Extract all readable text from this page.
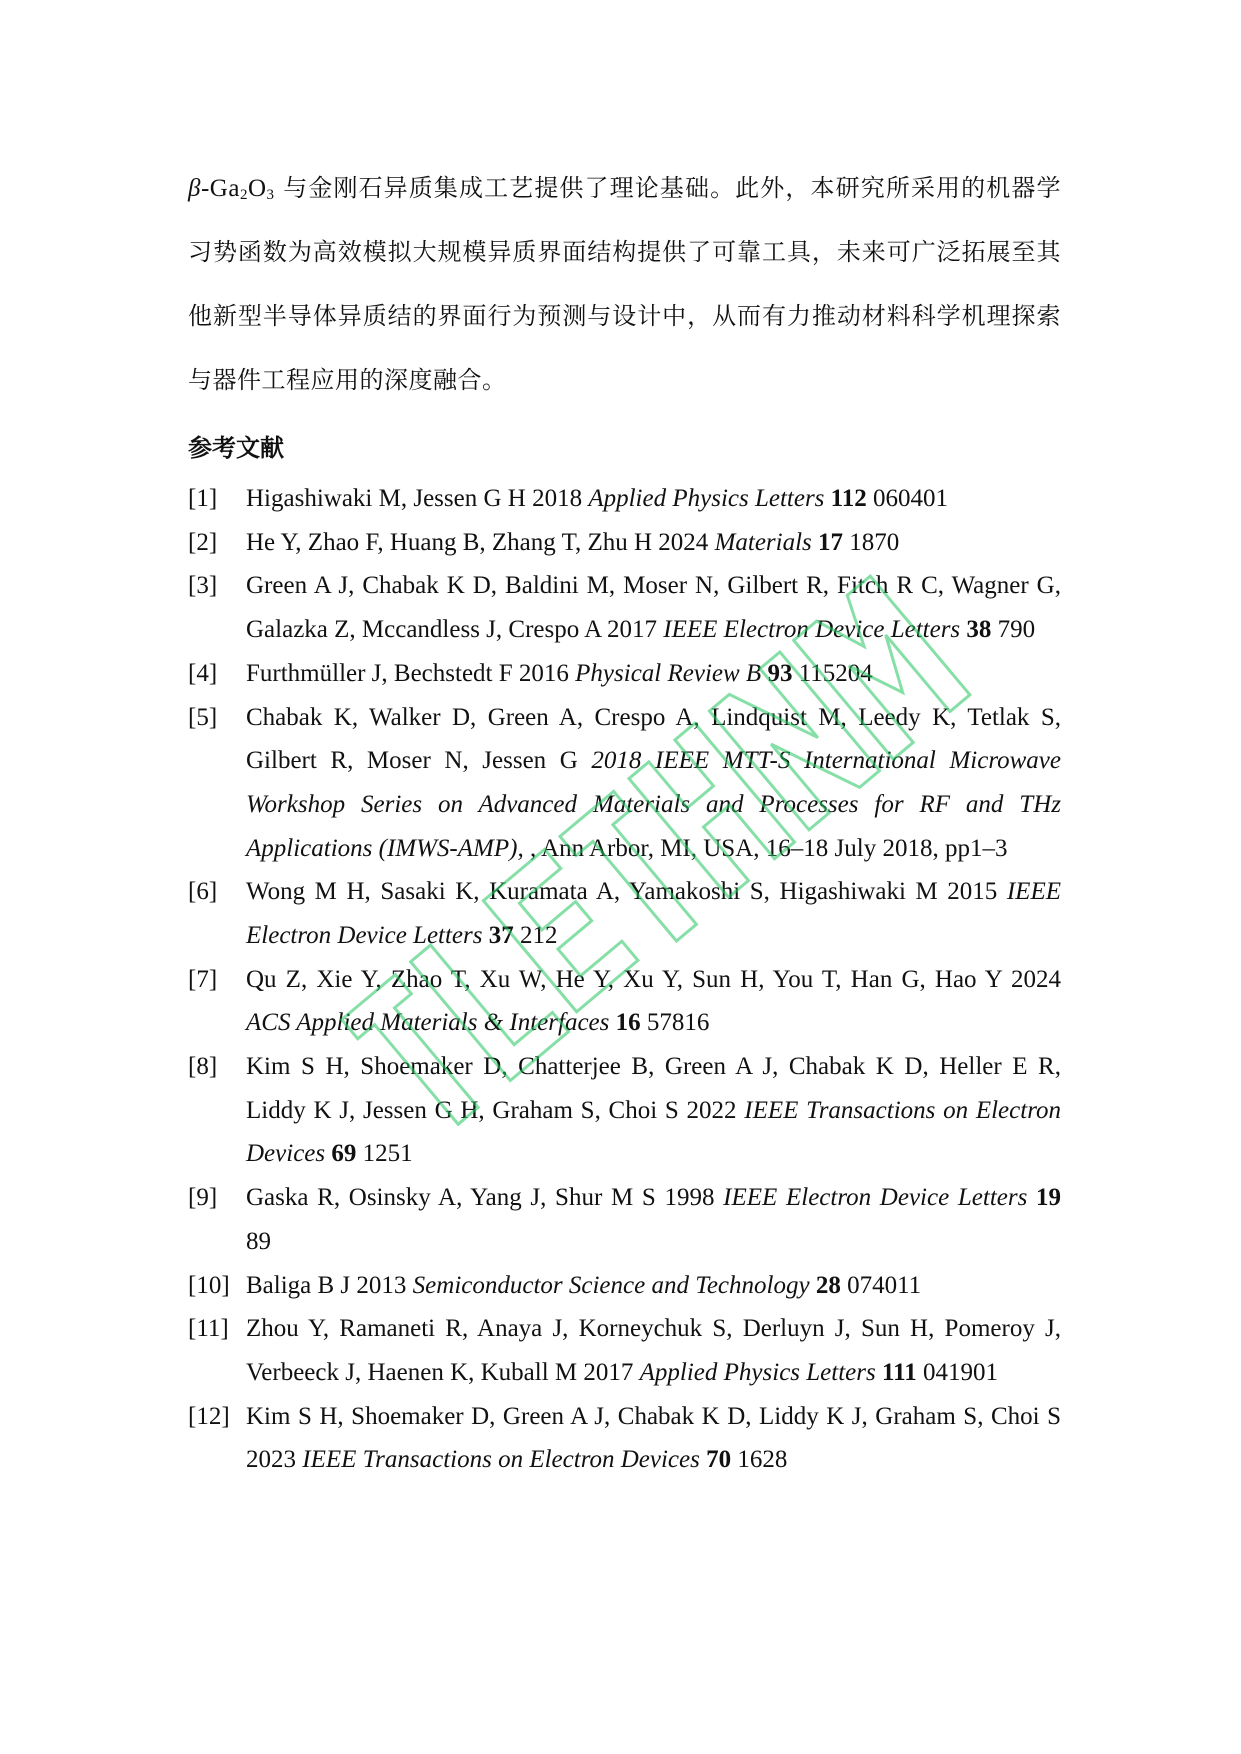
$\beta-Ga_2O_3$ 与金刚石异质集成工艺提供了理论基础。此外，本研究所采用的机器学
习势函数为高效模拟大规模异质界面结构提供了可靠工具，未来可广泛拓展至其
他新型半导体异质结的界面行为预测与设计中，从而有力推动材料科学机理探索
与器件工程应用的深度融合。
参考文献
[1] Higashiwaki M, Jessen G H 2018 Applied Physics Letters 112 060401
[2] He Y, Zhao F, Huang B, Zhang T, Zhu H 2024 Materials 17 1870
[3] Green A J, Chabak K D, Baldini M, Moser N, Gilbert R, Fitch R C, Wagner G,
Galazka Z, Mccandless J, Crespo A 2017 IEEE Electron Device Letters 38 790
[4] Furthmüller J, Bechstedt F 2016 Physical Review B 93 115204
[5] Chabak K, Walker D, Green A, Crespo A, Lindquist M, Leedy K, Tetlak S,
Gilbert R, Moser N, Jessen G 2018 IEEE MTT-S International Microwave
Workshop Series on Advanced Materials and Processes for RF and THz
Applications (IMWS-AMP), , Ann Arbor, MI, USA, 16–18 July 2018, pp1–3
[6] Wong M H, Sasaki K, Kuramata A, Yamakoshi S, Higashiwaki M 2015 IEEE
Electron Device Letters 37 212
[7] Qu Z, Xie Y, Zhao T, Xu W, He Y, Xu Y, Sun H, You T, Han G, Hao Y 2024
ACS Applied Materials & Interfaces 16 57816
[8] Kim S H, Shoemaker D, Chatterjee B, Green A J, Chabak K D, Heller E R,
Liddy K J, Jessen G H, Graham S, Choi S 2022 IEEE Transactions on Electron
Devices 69 1251
[9] Gaska R, Osinsky A, Yang J, Shur M S 1998 IEEE Electron Device Letters 19
89
[10] Baliga B J 2013 Semiconductor Science and Technology 28 074011
[11] Zhou Y, Ramaneti R, Anaya J, Korneychuk S, Derluyn J, Sun H, Pomeroy J,
Verbeeck J, Haenen K, Kuball M 2017 Applied Physics Letters 111 041901
[12] Kim S H, Shoemaker D, Green A J, Chabak K D, Liddy K J, Graham S, Choi S
2023 IEEE Transactions on Electron Devices 70 1628
